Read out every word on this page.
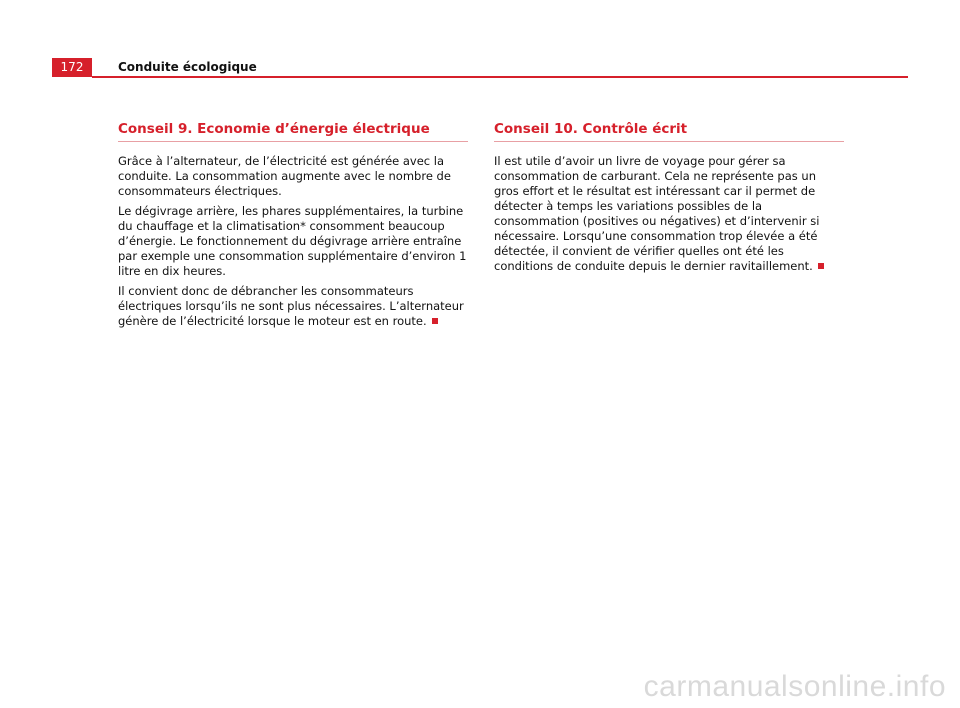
172	Conduite écologique
Conseil 9. Economie d’énergie électrique

Grâce à l’alternateur, de l’électricité est générée avec la conduite. La consommation augmente avec le nombre de consommateurs électriques.

Le dégivrage arrière, les phares supplémentaires, la turbine du chauffage et la climatisation* consomment beaucoup d’énergie. Le fonctionnement du dégivrage arrière entraîne par exemple une consommation supplémentaire d’environ 1 litre en dix heures.

Il convient donc de débrancher les consommateurs électriques lorsqu’ils ne sont plus nécessaires. L’alternateur génère de l’électricité lorsque le moteur est en route.

Conseil 10. Contrôle écrit

Il est utile d’avoir un livre de voyage pour gérer sa consommation de carburant. Cela ne représente pas un gros effort et le résultat est intéressant car il permet de détecter à temps les variations possibles de la consommation (positives ou négatives) et d’intervenir si nécessaire. Lorsqu’une consommation trop élevée a été détectée, il convient de vérifier quelles ont été les conditions de conduite depuis le dernier ravitaillement.

carmanualsonline.info
